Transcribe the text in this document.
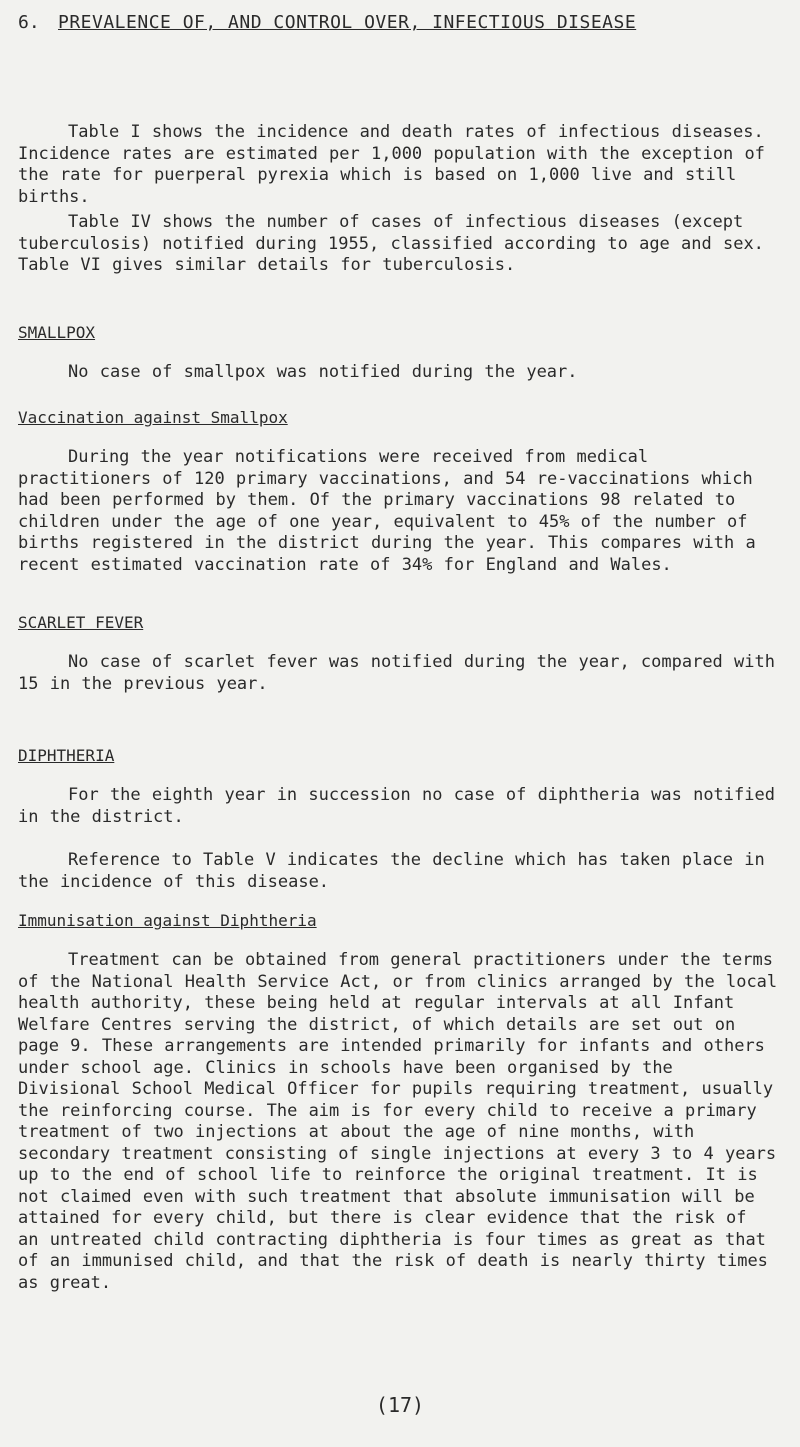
6. PREVALENCE OF, AND CONTROL OVER, INFECTIOUS DISEASE

Table I shows the incidence and death rates of infectious diseases. Incidence rates are estimated per 1,000 population with the exception of the rate for puerperal pyrexia which is based on 1,000 live and still births.

Table IV shows the number of cases of infectious diseases (except tuberculosis) notified during 1955, classified according to age and sex. Table VI gives similar details for tuberculosis.

SMALLPOX

No case of smallpox was notified during the year.

Vaccination against Smallpox

During the year notifications were received from medical practitioners of 120 primary vaccinations, and 54 re-vaccinations which had been performed by them. Of the primary vaccinations 98 related to children under the age of one year, equivalent to 45% of the number of births registered in the district during the year. This compares with a recent estimated vaccination rate of 34% for England and Wales.

SCARLET FEVER

No case of scarlet fever was notified during the year, compared with 15 in the previous year.

DIPHTHERIA

For the eighth year in succession no case of diphtheria was notified in the district.

Reference to Table V indicates the decline which has taken place in the incidence of this disease.

Immunisation against Diphtheria

Treatment can be obtained from general practitioners under the terms of the National Health Service Act, or from clinics arranged by the local health authority, these being held at regular intervals at all Infant Welfare Centres serving the district, of which details are set out on page 9. These arrangements are intended primarily for infants and others under school age. Clinics in schools have been organised by the Divisional School Medical Officer for pupils requiring treatment, usually the reinforcing course. The aim is for every child to receive a primary treatment of two injections at about the age of nine months, with secondary treatment consisting of single injections at every 3 to 4 years up to the end of school life to reinforce the original treatment. It is not claimed even with such treatment that absolute immunisation will be attained for every child, but there is clear evidence that the risk of an untreated child contracting diphtheria is four times as great as that of an immunised child, and that the risk of death is nearly thirty times as great.

(17)
